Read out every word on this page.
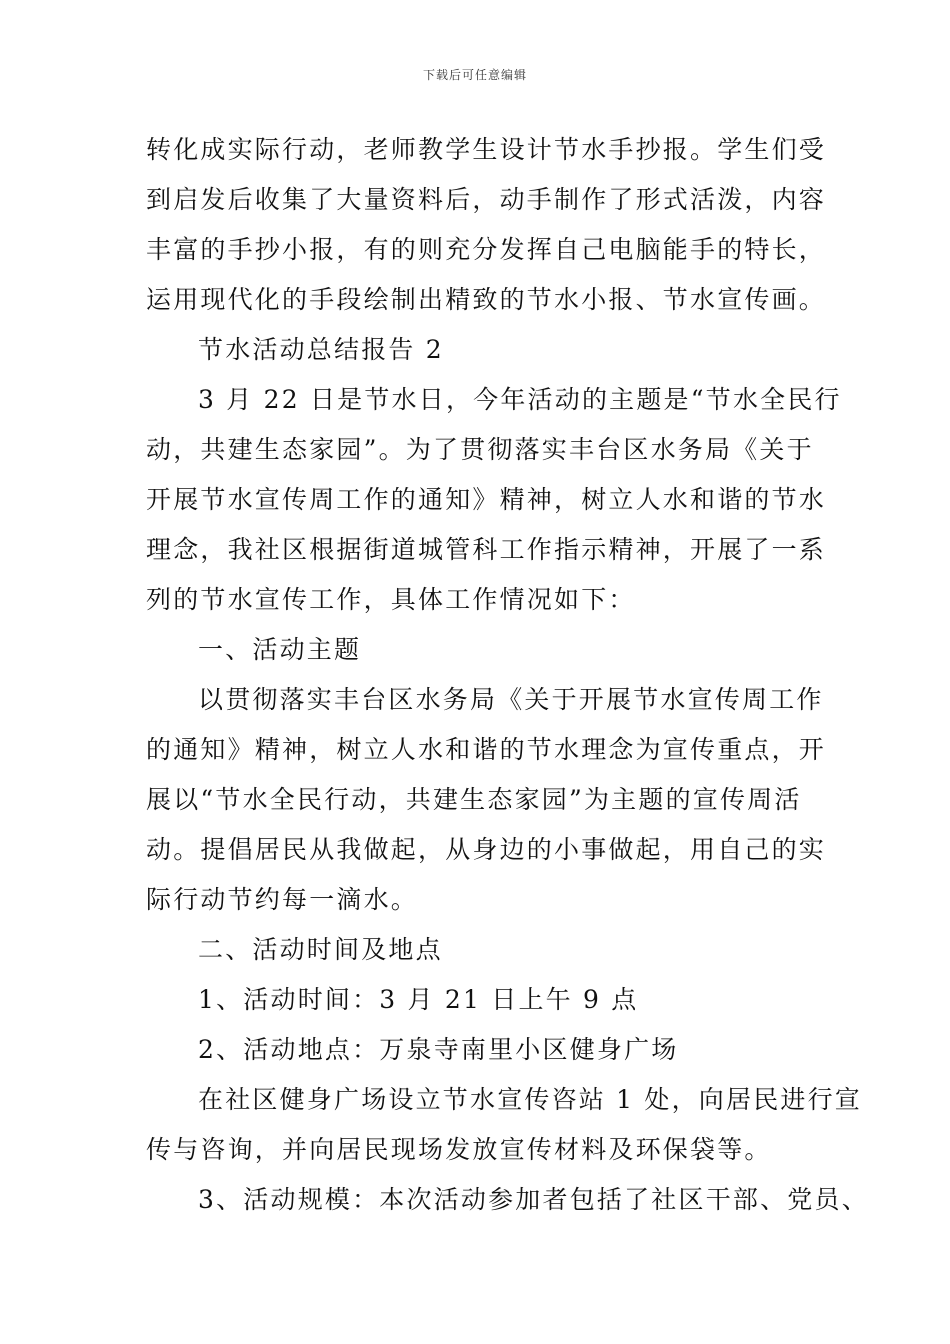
下载后可任意编辑

转化成实际行动，老师教学生设计节水手抄报。学生们受
到启发后收集了大量资料后，动手制作了形式活泼，内容
丰富的手抄小报，有的则充分发挥自己电脑能手的特长，
运用现代化的手段绘制出精致的节水小报、节水宣传画。

节水活动总结报告 2

3 月 22 日是节水日，今年活动的主题是“节水全民行
动，共建生态家园”。为了贯彻落实丰台区水务局《关于
开展节水宣传周工作的通知》精神，树立人水和谐的节水
理念，我社区根据街道城管科工作指示精神，开展了一系
列的节水宣传工作，具体工作情况如下：

一、活动主题

以贯彻落实丰台区水务局《关于开展节水宣传周工作
的通知》精神，树立人水和谐的节水理念为宣传重点，开
展以“节水全民行动，共建生态家园”为主题的宣传周活
动。提倡居民从我做起，从身边的小事做起，用自己的实
际行动节约每一滴水。

二、活动时间及地点

1、活动时间：3 月 21 日上午 9 点

2、活动地点：万泉寺南里小区健身广场

在社区健身广场设立节水宣传咨站 1 处，向居民进行宣
传与咨询，并向居民现场发放宣传材料及环保袋等。

3、活动规模：本次活动参加者包括了社区干部、党员、
